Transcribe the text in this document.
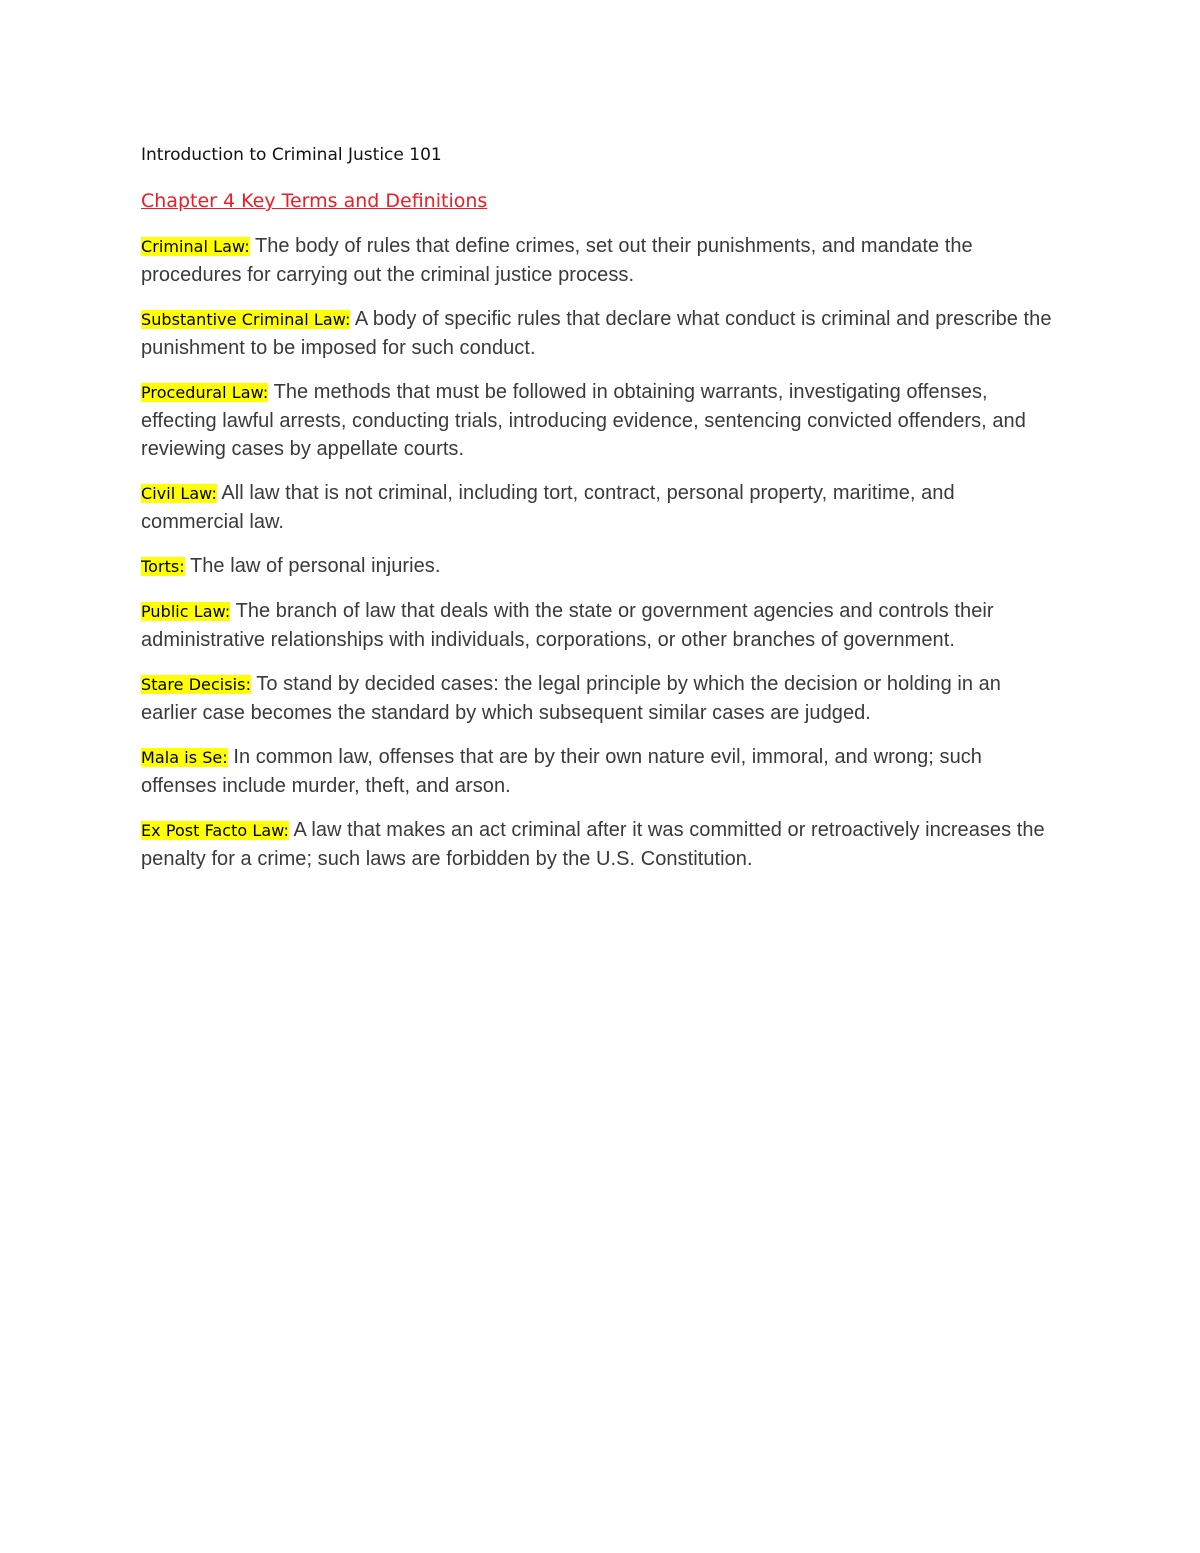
Introduction to Criminal Justice 101
Chapter 4 Key Terms and Definitions

Criminal Law: The body of rules that define crimes, set out their punishments, and mandate the procedures for carrying out the criminal justice process.

Substantive Criminal Law: A body of specific rules that declare what conduct is criminal and prescribe the punishment to be imposed for such conduct.

Procedural Law: The methods that must be followed in obtaining warrants, investigating offenses, effecting lawful arrests, conducting trials, introducing evidence, sentencing convicted offenders, and reviewing cases by appellate courts.

Civil Law: All law that is not criminal, including tort, contract, personal property, maritime, and commercial law.

Torts: The law of personal injuries.

Public Law: The branch of law that deals with the state or government agencies and controls their administrative relationships with individuals, corporations, or other branches of government.

Stare Decisis: To stand by decided cases: the legal principle by which the decision or holding in an earlier case becomes the standard by which subsequent similar cases are judged.

Mala is Se: In common law, offenses that are by their own nature evil, immoral, and wrong; such offenses include murder, theft, and arson.

Ex Post Facto Law: A law that makes an act criminal after it was committed or retroactively increases the penalty for a crime; such laws are forbidden by the U.S. Constitution.
